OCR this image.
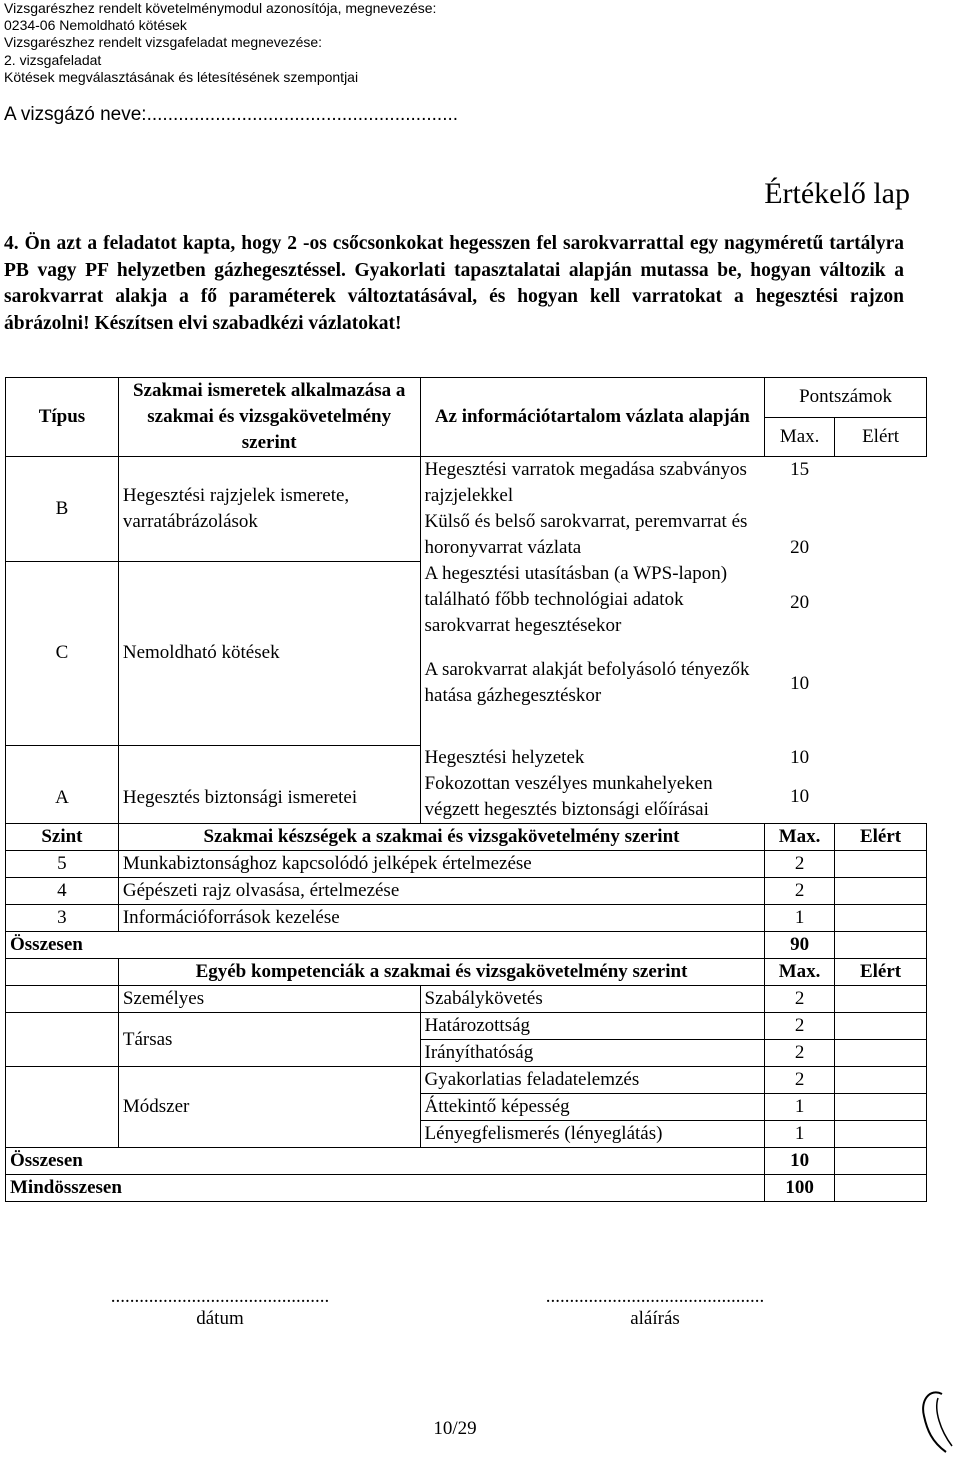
Vizsgarészhez rendelt követelménymodul azonosítója, megnevezése:
0234-06 Nemoldható kötések
Vizsgarészhez rendelt vizsgafeladat megnevezése:
2. vizsgafeladat
Kötések megválasztásának és létesítésének szempontjai
A vizsgázó neve:...........................................................
Értékelő lap
4. Ön azt a feladatot kapta, hogy 2 -os csőcsonkokat hegesszen fel sarokvarrattal egy nagyméretű tartályra PB vagy PF helyzetben gázhegesztéssel. Gyakorlati tapasztalatai alapján mutassa be, hogyan változik a sarokvarrat alakja a fő paraméterek változtatásával, és hogyan kell varratokat a hegesztési rajzon ábrázolni! Készítsen elvi szabadkézi vázlatokat!
Típus	Szakmai ismeretek alkalmazása a szakmai és vizsgakövetelmény szerint	Az információtartalom vázlata alapján	Pontszámok	
			Max.	Elért
B	Hegesztési rajzjelek ismerete, varratábrázolások	Hegesztési varratok megadása szabványos rajzjelekkel	15	
		Külső és belső sarokvarrat, peremvarrat és horonyvarrat vázlata	20	
C	Nemoldható kötések	A hegesztési utasításban (a WPS-lapon) található főbb technológiai adatok sarokvarrat hegesztésekor	20	
		A sarokvarrat alakját befolyásoló tényezők hatása gázhegesztéskor	10	
A	Hegesztés biztonsági ismeretei	Hegesztési helyzetek	10	
		Fokozottan veszélyes munkahelyeken végzett hegesztés biztonsági előírásai	10	
Szint	Szakmai készségek a szakmai és vizsgakövetelmény szerint		Max.	Elért
5	Munkabiztonsághoz kapcsolódó jelképek értelmezése		2	
4	Gépészeti rajz olvasása, értelmezése		2	
3	Információforrások kezelése		1	
Összesen			90	
	Egyéb kompetenciák a szakmai és vizsgakövetelmény szerint		Max.	Elért
	Személyes	Szabálykövetés	2	
	Társas	Határozottság	2	
		Irányíthatóság	2	
	Módszer	Gyakorlatias feladatelemzés	2	
		Áttekintő képesség	1	
		Lényegfelismerés (lényeglátás)	1	
Összesen			10	
Mindösszesen			100	
..............................................
dátum
..............................................
aláírás
10/29
